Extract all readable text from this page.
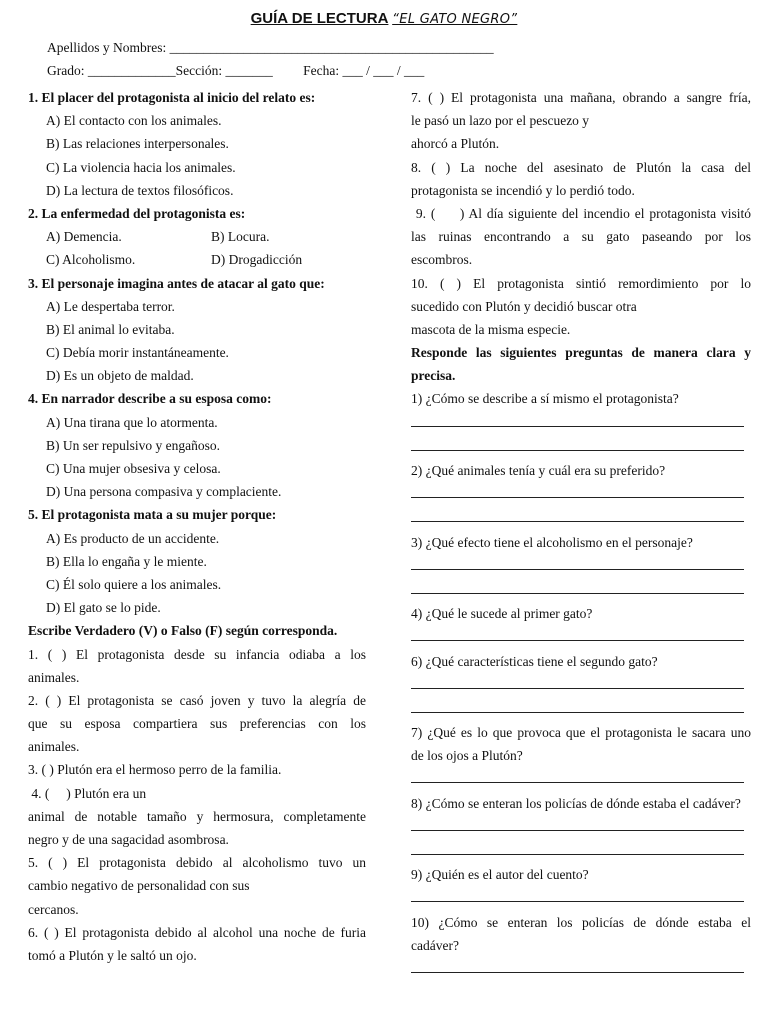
GUÍA DE LECTURA “EL GATO NEGRO”
Apellidos y Nombres: ________________________________________________
Grado: _____________Sección: _______         Fecha: ___ / ___ / ___
1. El placer del protagonista al inicio del relato es:
A) El contacto con los animales.
B) Las relaciones interpersonales.
C) La violencia hacia los animales.
D) La lectura de textos filosóficos.
2. La enfermedad del protagonista es:
A) Demencia.	B) Locura.
C) Alcoholismo.	D) Drogadicción
3. El personaje imagina antes de atacar al gato que:
A) Le despertaba terror.
B) El animal lo evitaba.
C) Debía morir instantáneamente.
D) Es un objeto de maldad.
4. En narrador describe a su esposa como:
A) Una tirana que lo atormenta.
B) Un ser repulsivo y engañoso.
C) Una mujer obsesiva y celosa.
D) Una persona compasiva y complaciente.
5. El protagonista mata a su mujer porque:
A) Es producto de un accidente.
B) Ella lo engaña y le miente.
C) Él solo quiere a los animales.
D) El gato se lo pide.
Escribe Verdadero (V) o Falso (F) según corresponda.
1. ( ) El protagonista desde su infancia odiaba a los
animales.
2. ( ) El protagonista se casó joven y tuvo la alegría de
que su esposa compartiera sus preferencias con los
animales.
3. ( ) Plutón era el hermoso perro de la familia.
4. (     ) Plutón era un
animal de notable tamaño y hermosura, completamente
negro y de una sagacidad asombrosa.
5. ( ) El protagonista debido al alcoholismo tuvo un
cambio negativo de personalidad con sus
cercanos.
6. ( ) El protagonista debido al alcohol una noche de furia
tomó a Plutón y le saltó un ojo.
7. ( ) El protagonista una mañana, obrando a sangre fría,
le pasó un lazo por el pescuezo y
ahorcó a Plutón.
8. ( ) La noche del asesinato de Plutón la casa del
protagonista se incendió y lo perdió todo.
9. (     ) Al día siguiente del incendio el protagonista visitó
las ruinas encontrando a su gato paseando por los
escombros.
10. ( ) El protagonista sintió remordimiento por lo
sucedido con Plutón y decidió buscar otra
mascota de la misma especie.
Responde las siguientes preguntas de manera clara y
precisa.
1) ¿Cómo se describe a sí mismo el protagonista?
2) ¿Qué animales tenía y cuál era su preferido?
3) ¿Qué efecto tiene el alcoholismo en el personaje?
4) ¿Qué le sucede al primer gato?
6) ¿Qué características tiene el segundo gato?
7) ¿Qué es lo que provoca que el protagonista le sacara uno
de los ojos a Plutón?
8) ¿Cómo se enteran los policías de dónde estaba el cadáver?
9) ¿Quién es el autor del cuento?
10) ¿Cómo se enteran los policías de dónde estaba el
cadáver?
